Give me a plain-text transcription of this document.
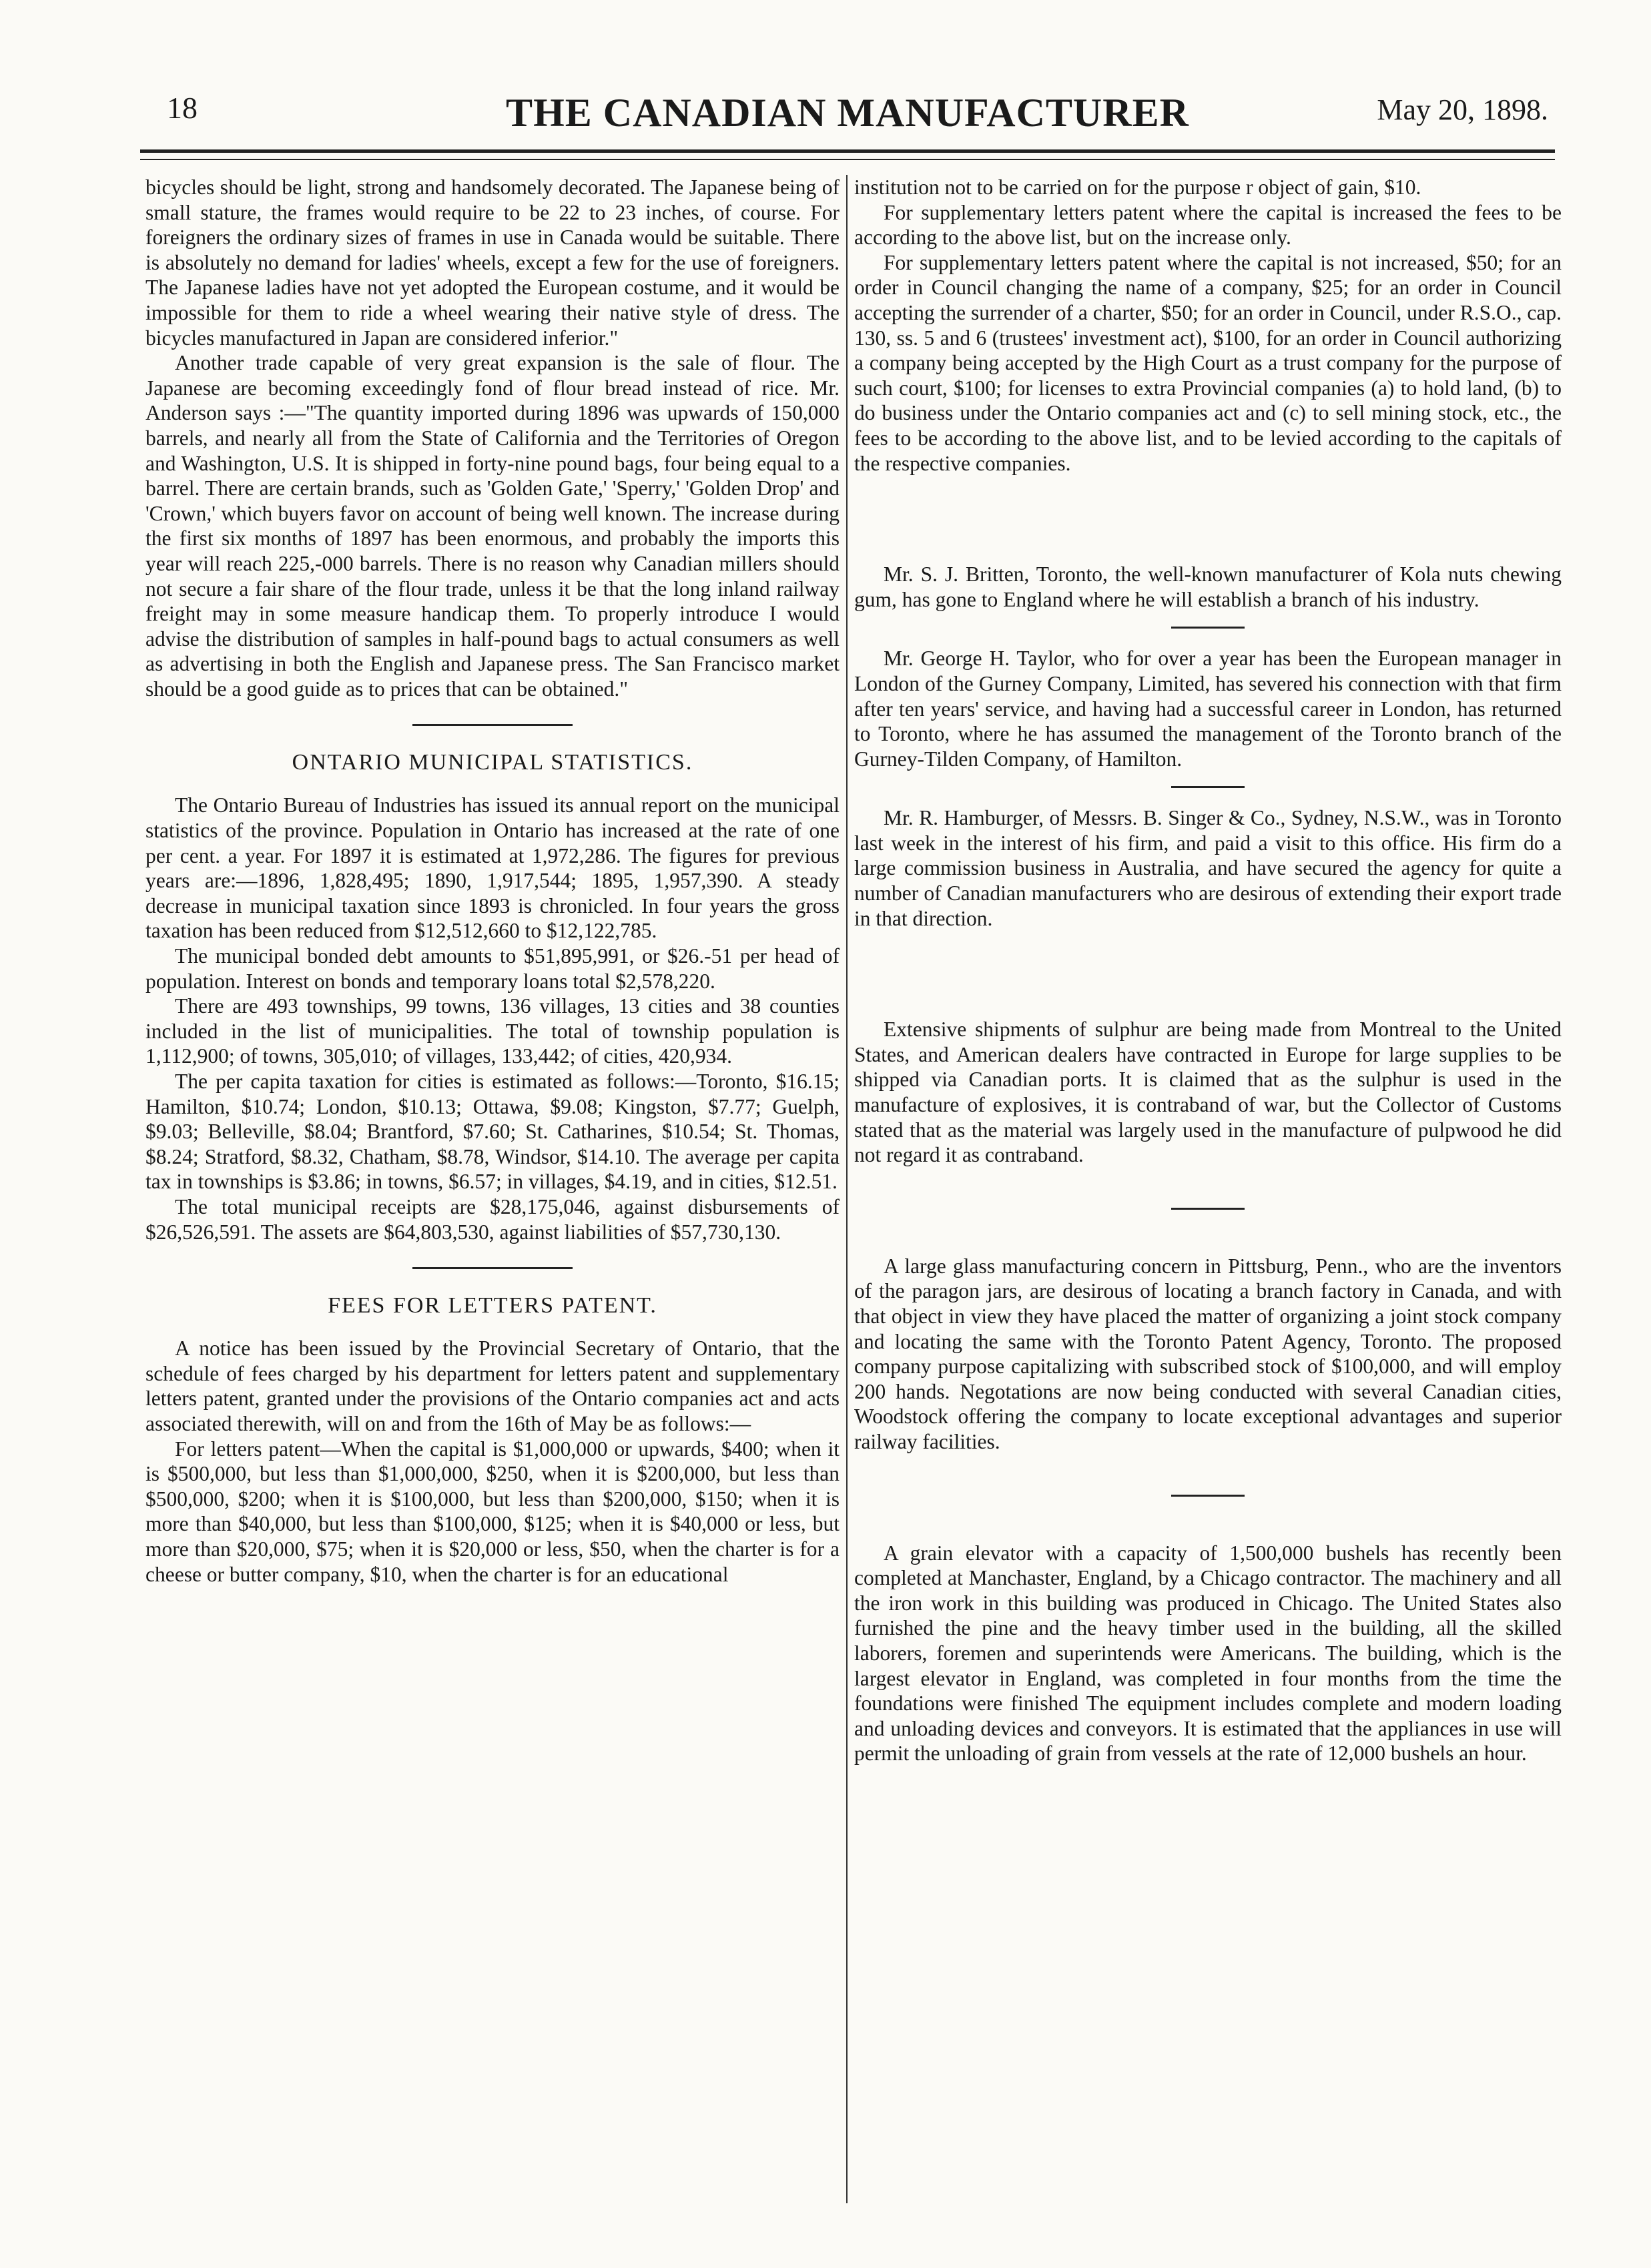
18	THE CANADIAN MANUFACTURER	May 20, 1898.

bicycles should be light, strong and handsomely decorated. The Japanese being of small stature, the frames would require to be 22 to 23 inches, of course. For foreigners the ordinary sizes of frames in use in Canada would be suitable. There is absolutely no demand for ladies' wheels, except a few for the use of foreigners. The Japanese ladies have not yet adopted the European costume, and it would be impossible for them to ride a wheel wearing their native style of dress. The bicycles manufactured in Japan are considered inferior."

Another trade capable of very great expansion is the sale of flour. The Japanese are becoming exceedingly fond of flour bread instead of rice. Mr. Anderson says :—"The quantity imported during 1896 was upwards of 150,000 barrels, and nearly all from the State of California and the Territories of Oregon and Washington, U.S. It is shipped in forty-nine pound bags, four being equal to a barrel. There are certain brands, such as 'Golden Gate,' 'Sperry,' 'Golden Drop' and 'Crown,' which buyers favor on account of being well known. The increase during the first six months of 1897 has been enormous, and probably the imports this year will reach 225,-000 barrels. There is no reason why Canadian millers should not secure a fair share of the flour trade, unless it be that the long inland railway freight may in some measure handicap them. To properly introduce I would advise the distribution of samples in half-pound bags to actual consumers as well as advertising in both the English and Japanese press. The San Francisco market should be a good guide as to prices that can be obtained."

ONTARIO MUNICIPAL STATISTICS.

The Ontario Bureau of Industries has issued its annual report on the municipal statistics of the province. Population in Ontario has increased at the rate of one per cent. a year. For 1897 it is estimated at 1,972,286. The figures for previous years are:—1896, 1,828,495; 1890, 1,917,544; 1895, 1,957,390. A steady decrease in municipal taxation since 1893 is chronicled. In four years the gross taxation has been reduced from $12,512,660 to $12,122,785.

The municipal bonded debt amounts to $51,895,991, or $26.-51 per head of population. Interest on bonds and temporary loans total $2,578,220.

There are 493 townships, 99 towns, 136 villages, 13 cities and 38 counties included in the list of municipalities. The total of township population is 1,112,900; of towns, 305,010; of villages, 133,442; of cities, 420,934.

The per capita taxation for cities is estimated as follows:—Toronto, $16.15; Hamilton, $10.74; London, $10.13; Ottawa, $9.08; Kingston, $7.77; Guelph, $9.03; Belleville, $8.04; Brantford, $7.60; St. Catharines, $10.54; St. Thomas, $8.24; Stratford, $8.32, Chatham, $8.78, Windsor, $14.10. The average per capita tax in townships is $3.86; in towns, $6.57; in villages, $4.19, and in cities, $12.51.

The total municipal receipts are $28,175,046, against disbursements of $26,526,591. The assets are $64,803,530, against liabilities of $57,730,130.

FEES FOR LETTERS PATENT.

A notice has been issued by the Provincial Secretary of Ontario, that the schedule of fees charged by his department for letters patent and supplementary letters patent, granted under the provisions of the Ontario companies act and acts associated therewith, will on and from the 16th of May be as follows:—

For letters patent—When the capital is $1,000,000 or upwards, $400; when it is $500,000, but less than $1,000,000, $250, when it is $200,000, but less than $500,000, $200; when it is $100,000, but less than $200,000, $150; when it is more than $40,000, but less than $100,000, $125; when it is $40,000 or less, but more than $20,000, $75; when it is $20,000 or less, $50, when the charter is for a cheese or butter company, $10, when the charter is for an educational

institution not to be carried on for the purpose r object of gain, $10.

For supplementary letters patent where the capital is increased the fees to be according to the above list, but on the increase only.

For supplementary letters patent where the capital is not increased, $50; for an order in Council changing the name of a company, $25; for an order in Council accepting the surrender of a charter, $50; for an order in Council, under R.S.O., cap. 130, ss. 5 and 6 (trustees' investment act), $100, for an order in Council authorizing a company being accepted by the High Court as a trust company for the purpose of such court, $100; for licenses to extra Provincial companies (a) to hold land, (b) to do business under the Ontario companies act and (c) to sell mining stock, etc., the fees to be according to the above list, and to be levied according to the capitals of the respective companies.

Mr. S. J. Britten, Toronto, the well-known manufacturer of Kola nuts chewing gum, has gone to England where he will establish a branch of his industry.

Mr. George H. Taylor, who for over a year has been the European manager in London of the Gurney Company, Limited, has severed his connection with that firm after ten years' service, and having had a successful career in London, has returned to Toronto, where he has assumed the management of the Toronto branch of the Gurney-Tilden Company, of Hamilton.

Mr. R. Hamburger, of Messrs. B. Singer & Co., Sydney, N.S.W., was in Toronto last week in the interest of his firm, and paid a visit to this office. His firm do a large commission business in Australia, and have secured the agency for quite a number of Canadian manufacturers who are desirous of extending their export trade in that direction.

Extensive shipments of sulphur are being made from Montreal to the United States, and American dealers have contracted in Europe for large supplies to be shipped via Canadian ports. It is claimed that as the sulphur is used in the manufacture of explosives, it is contraband of war, but the Collector of Customs stated that as the material was largely used in the manufacture of pulpwood he did not regard it as contraband.

A large glass manufacturing concern in Pittsburg, Penn., who are the inventors of the paragon jars, are desirous of locating a branch factory in Canada, and with that object in view they have placed the matter of organizing a joint stock company and locating the same with the Toronto Patent Agency, Toronto. The proposed company purpose capitalizing with subscribed stock of $100,000, and will employ 200 hands. Negotations are now being conducted with several Canadian cities, Woodstock offering the company to locate exceptional advantages and superior railway facilities.

A grain elevator with a capacity of 1,500,000 bushels has recently been completed at Manchaster, England, by a Chicago contractor. The machinery and all the iron work in this building was produced in Chicago. The United States also furnished the pine and the heavy timber used in the building, all the skilled laborers, foremen and superintends were Americans. The building, which is the largest elevator in England, was completed in four months from the time the foundations were finished The equipment includes complete and modern loading and unloading devices and conveyors. It is estimated that the appliances in use will permit the unloading of grain from vessels at the rate of 12,000 bushels an hour.
